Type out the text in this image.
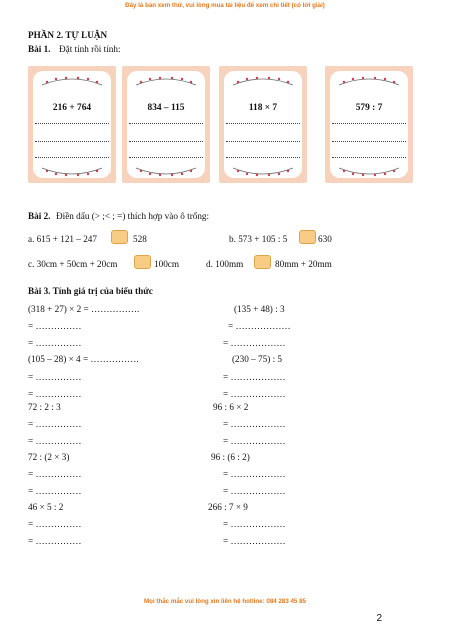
Đây là bản xem thử, vui lòng mua tài liệu để xem chi tiết (có lời giải)
PHẦN 2. TỰ LUẬN
Bài 1. Đặt tính rồi tính:
216 + 764	834 – 115	118 × 7	579 : 7
Bài 2. Điền dấu (> ;< ; =) thích hợp vào ô trống:
a. 615 + 121 – 247	528	b. 573 + 105 : 5	630
c. 30cm + 50cm + 20cm	100cm	d. 100mm	80mm + 20mm
Bài 3. Tính giá trị của biểu thức
(318 + 27) × 2 = …………….
= ……………
= ……………
(135 + 48) : 3
= ………………
= ………………
(105 – 28) × 4 = …………….
= ……………
= ……………
(230 – 75) : 5
= ………………
= ………………
72 : 2 : 3
= ……………
= ……………
96 : 6 × 2
= ………………
= ………………
72 : (2 × 3)
= ……………
= ……………
96 : (6 : 2)
= ………………
= ………………
46 × 5 : 2
= ……………
= ……………
266 : 7 × 9
= ………………
= ………………
Mọi thắc mắc vui lòng xin liên hệ hotline: 084 283 45 85
2
